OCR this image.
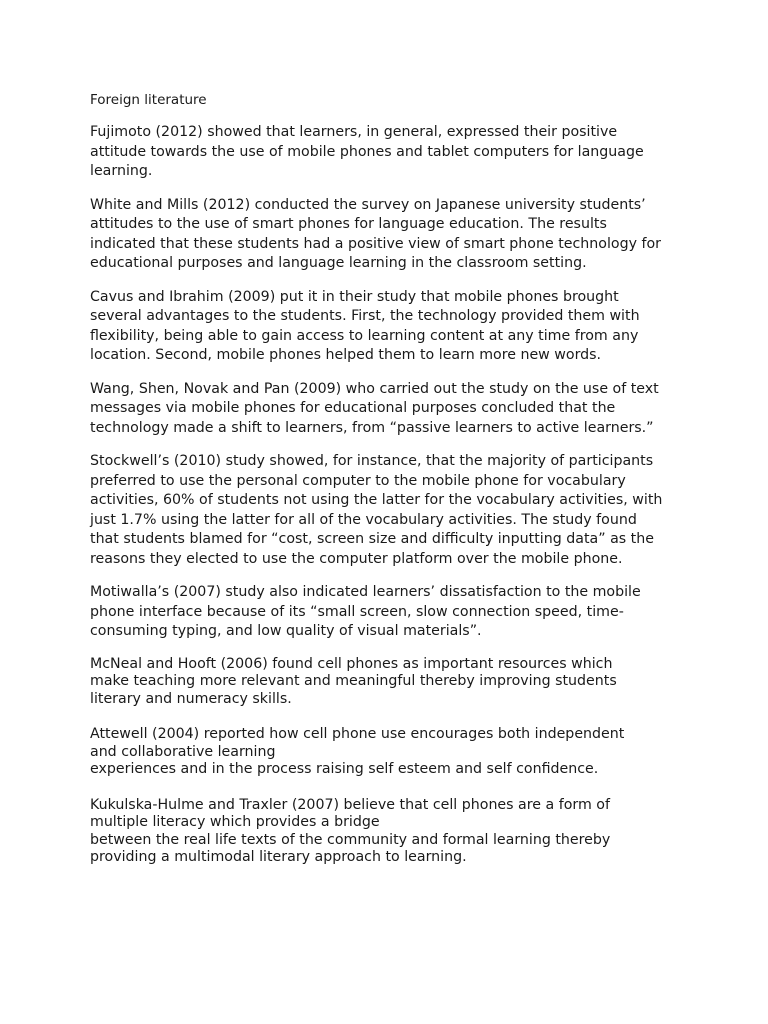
Foreign literature
Fujimoto (2012) showed that learners, in general, expressed their positive
attitude towards the use of mobile phones and tablet computers for language
learning.
White and Mills (2012) conducted the survey on Japanese university students’
attitudes to the use of smart phones for language education. The results
indicated that these students had a positive view of smart phone technology for
educational purposes and language learning in the classroom setting.
Cavus and Ibrahim (2009) put it in their study that mobile phones brought
several advantages to the students. First, the technology provided them with
flexibility, being able to gain access to learning content at any time from any
location. Second, mobile phones helped them to learn more new words.
Wang, Shen, Novak and Pan (2009) who carried out the study on the use of text
messages via mobile phones for educational purposes concluded that the
technology made a shift to learners, from “passive learners to active learners.”
Stockwell’s (2010) study showed, for instance, that the majority of participants
preferred to use the personal computer to the mobile phone for vocabulary
activities, 60% of students not using the latter for the vocabulary activities, with
just 1.7% using the latter for all of the vocabulary activities. The study found
that students blamed for “cost, screen size and difficulty inputting data” as the
reasons they elected to use the computer platform over the mobile phone.
Motiwalla’s (2007) study also indicated learners’ dissatisfaction to the mobile
phone interface because of its “small screen, slow connection speed, time-
consuming typing, and low quality of visual materials”.
McNeal and Hooft (2006) found cell phones as important resources which
make teaching more relevant and meaningful thereby improving students
literary and numeracy skills.
Attewell (2004) reported how cell phone use encourages both independent
and collaborative learning
experiences and in the process raising self esteem and self confidence.
Kukulska-Hulme and Traxler (2007) believe that cell phones are a form of
multiple literacy which provides a bridge
between the real life texts of the community and formal learning thereby
providing a multimodal literary approach to learning.
